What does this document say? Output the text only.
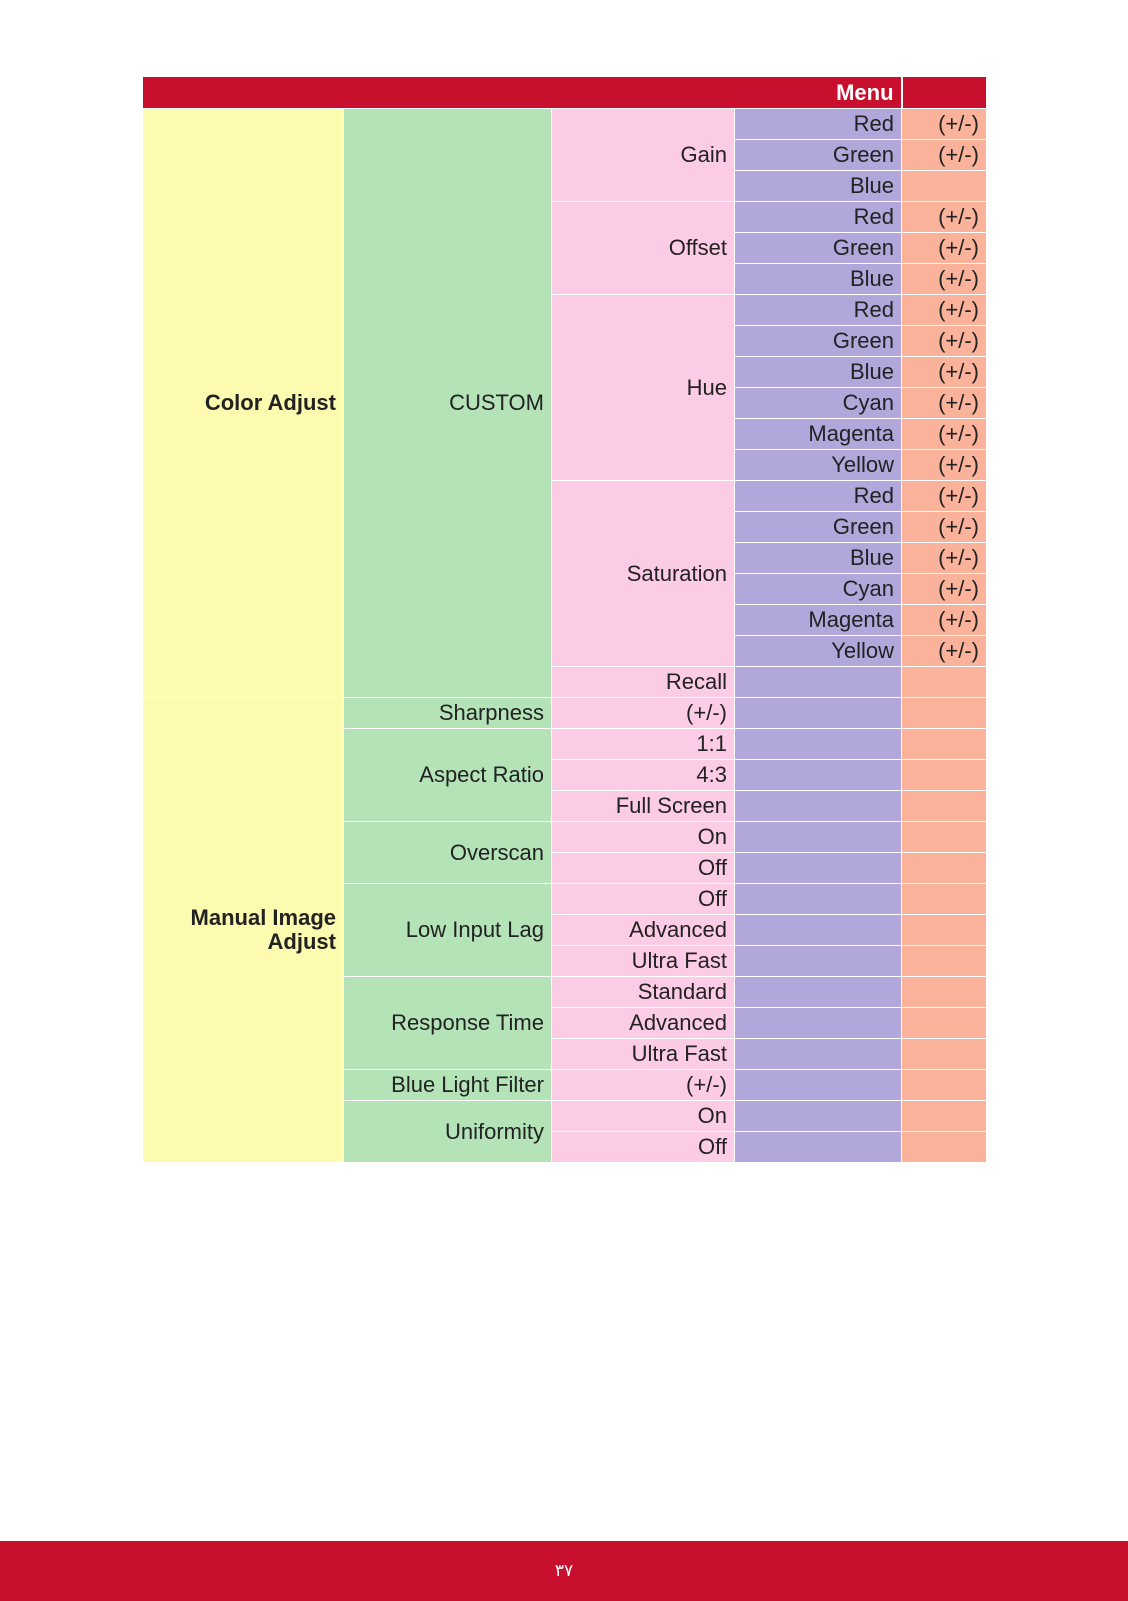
Menu				
Color Adjust	CUSTOM	Gain	Red	(+/-)
			Green	(+/-)
			Blue	
		Offset	Red	(+/-)
			Green	(+/-)
			Blue	(+/-)
		Hue	Red	(+/-)
			Green	(+/-)
			Blue	(+/-)
			Cyan	(+/-)
			Magenta	(+/-)
			Yellow	(+/-)
		Saturation	Red	(+/-)
			Green	(+/-)
			Blue	(+/-)
			Cyan	(+/-)
			Magenta	(+/-)
			Yellow	(+/-)
		Recall		
Manual Image Adjust	Sharpness	(+/-)		
	Aspect Ratio	1:1		
		4:3		
		Full Screen		
	Overscan	On		
		Off		
	Low Input Lag	Off		
		Advanced		
		Ultra Fast		
	Response Time	Standard		
		Advanced		
		Ultra Fast		
	Blue Light Filter	(+/-)		
	Uniformity	On		
		Off		
۳۷
